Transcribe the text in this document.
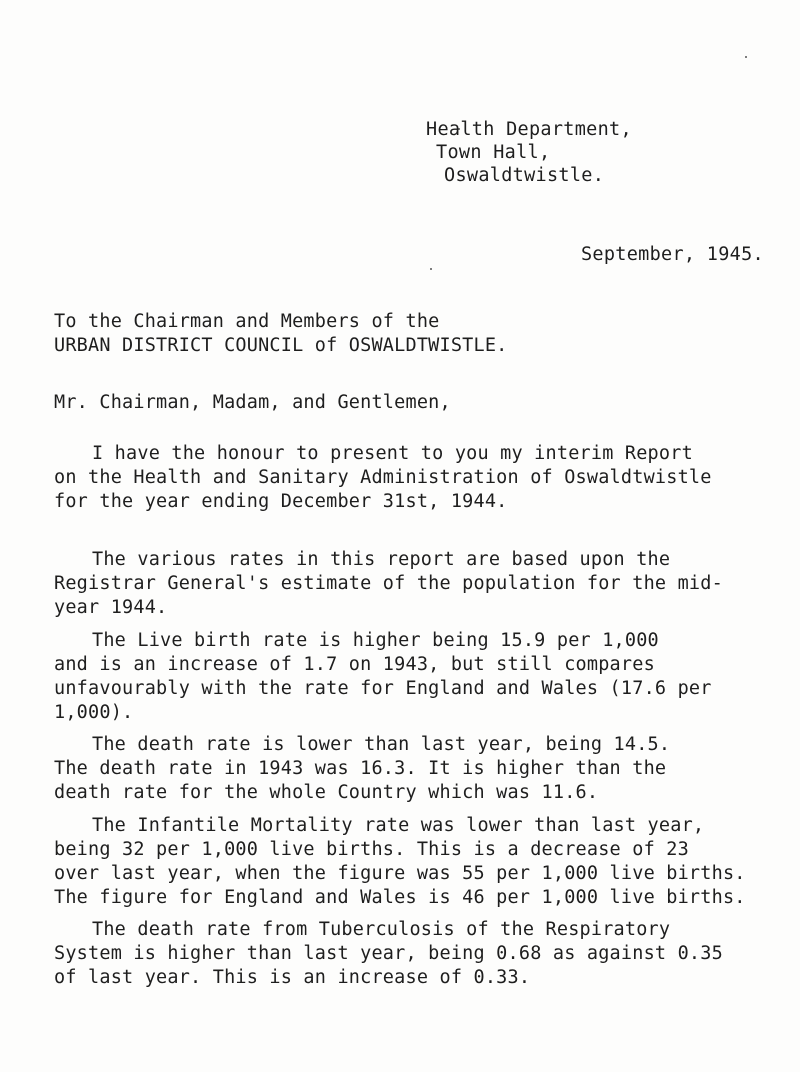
Health Department,
Town Hall,
Oswaldtwistle.
September, 1945.
To the Chairman and Members of the
URBAN DISTRICT COUNCIL of OSWALDTWISTLE.
Mr. Chairman, Madam, and Gentlemen,
I have the honour to present to you my interim Report
on the Health and Sanitary Administration of Oswaldtwistle
for the year ending December 31st, 1944.
The various rates in this report are based upon the
Registrar General's estimate of the population for the mid-
year 1944.
The Live birth rate is higher being 15.9 per 1,000
and is an increase of 1.7 on 1943, but still compares
unfavourably with the rate for England and Wales (17.6 per
1,000).
The death rate is lower than last year, being 14.5.
The death rate in 1943 was 16.3. It is higher than the
death rate for the whole Country which was 11.6.
The Infantile Mortality rate was lower than last year,
being 32 per 1,000 live births. This is a decrease of 23
over last year, when the figure was 55 per 1,000 live births.
The figure for England and Wales is 46 per 1,000 live births.
The death rate from Tuberculosis of the Respiratory
System is higher than last year, being 0.68 as against 0.35
of last year. This is an increase of 0.33.
